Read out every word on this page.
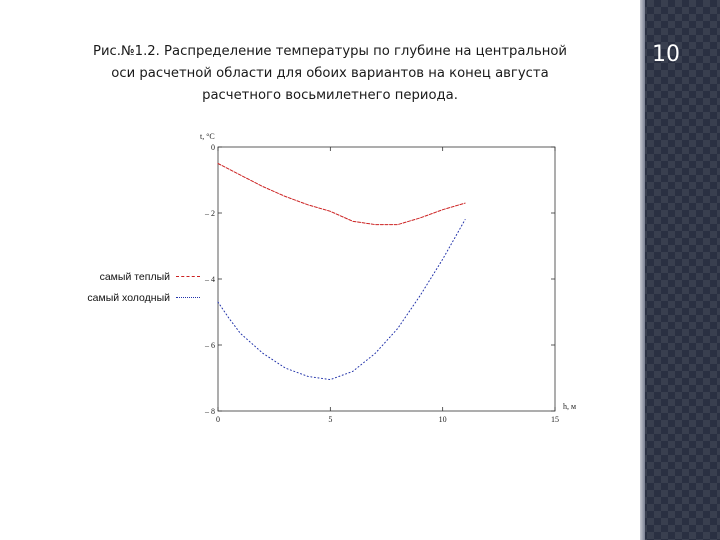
Рис.№1.2. Распределение температуры по глубине на центральной
оси расчетной области для обоих вариантов на конец августа
расчетного восьмилетнего периода.
самый теплый
самый холодный
0	5	10	15
0
– 2
– 4
– 6
– 8
t, °C
h, м
10
